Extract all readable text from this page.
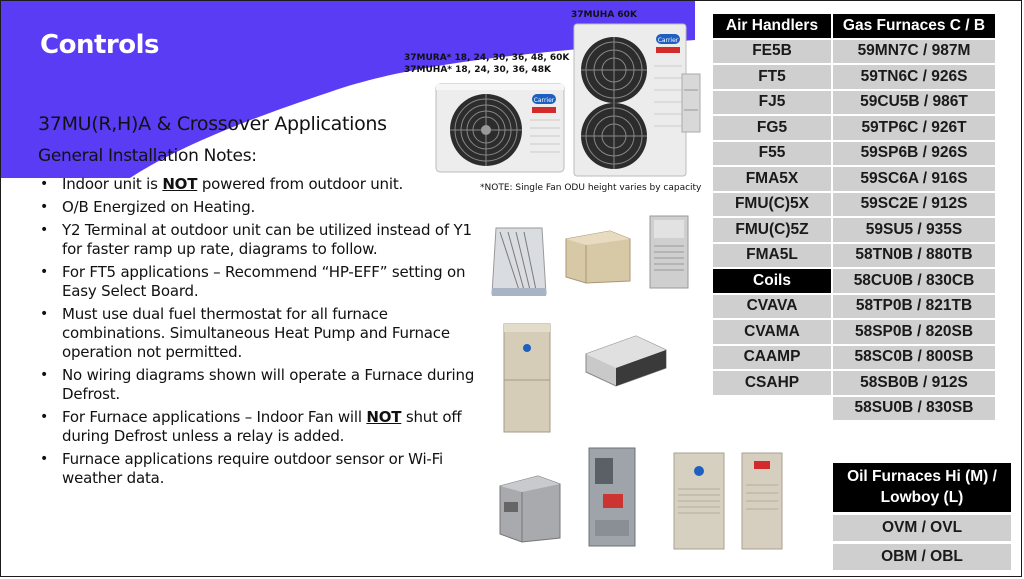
Controls
37MU(R,H)A & Crossover Applications
General Installation Notes:
• Indoor unit is NOT powered from outdoor unit.
• O/B Energized on Heating.
• Y2 Terminal at outdoor unit can be utilized instead of Y1 for faster ramp up rate, diagrams to follow.
• For FT5 applications – Recommend “HP-EFF” setting on Easy Select Board.
• Must use dual fuel thermostat for all furnace combinations. Simultaneous Heat Pump and Furnace operation not permitted.
• No wiring diagrams shown will operate a Furnace during Defrost.
• For Furnace applications – Indoor Fan will NOT shut off during Defrost unless a relay is added.
• Furnace applications require outdoor sensor or Wi-Fi weather data.
37MUHA 60K
37MURA* 18, 24, 30, 36, 48, 60K
37MUHA* 18, 24, 30, 36, 48K
*NOTE: Single Fan ODU height varies by capacity
Carrier
Carrier
Air Handlers	Gas Furnaces C / B
FE5B	59MN7C / 987M
FT5	59TN6C / 926S
FJ5	59CU5B / 986T
FG5	59TP6C / 926T
F55	59SP6B / 926S
FMA5X	59SC6A / 916S
FMU(C)5X	59SC2E / 912S
FMU(C)5Z	59SU5 / 935S
FMA5L	58TN0B / 880TB
Coils	58CU0B / 830CB
CVAVA	58TP0B / 821TB
CVAMA	58SP0B / 820SB
CAAMP	58SC0B / 800SB
CSAHP	58SB0B / 912S
	58SU0B / 830SB
Oil Furnaces Hi (M) /
Lowboy (L)
OVM / OVL
OBM / OBL
